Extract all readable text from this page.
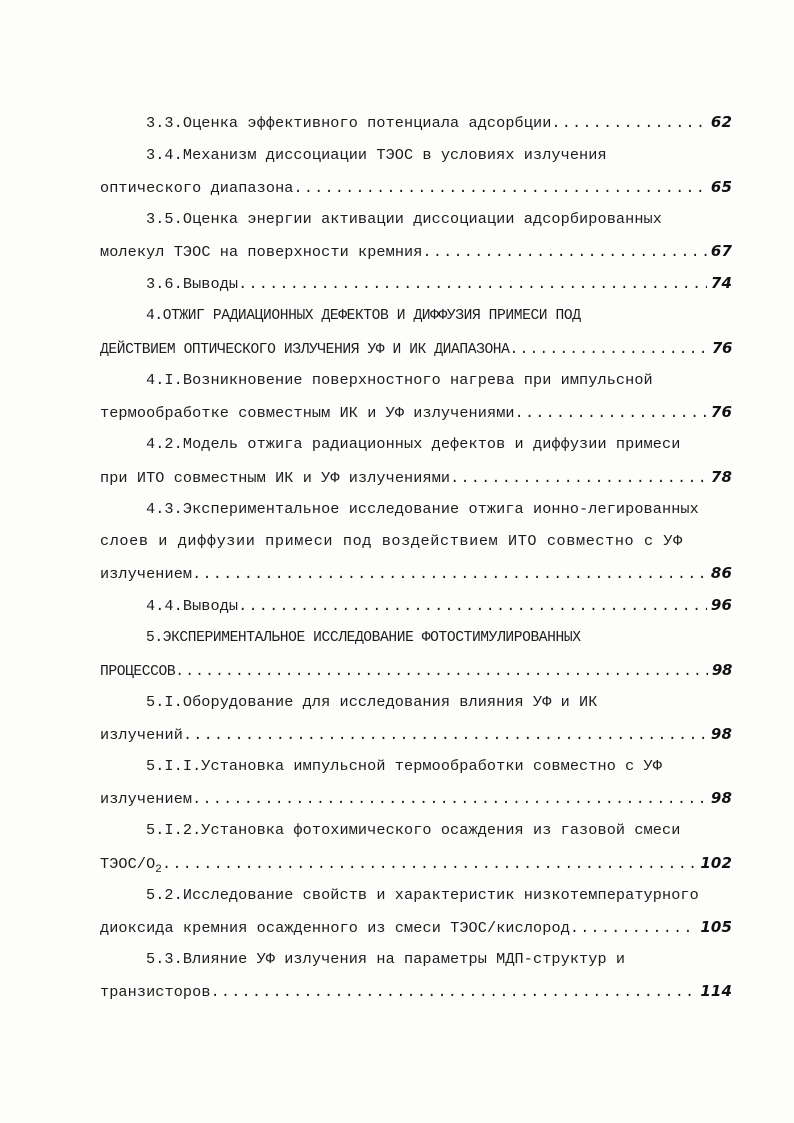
3.3.Оценка эффективного потенциала адсорбции .....	62
3.4.Механизм диссоциации ТЭОС в условиях излучения
оптического диапазона .....	65
3.5.Оценка энергии активации диссоциации адсорбированных
молекул ТЭОС на поверхности кремния .....	67
3.6.Выводы .....	74
4.ОТЖИГ РАДИАЦИОННЫХ ДЕФЕКТОВ И ДИФФУЗИЯ ПРИМЕСИ ПОД
ДЕЙСТВИЕМ ОПТИЧЕСКОГО ИЗЛУЧЕНИЯ УФ И ИК ДИАПАЗОНА .....	76
4.I.Возникновение поверхностного нагрева при импульсной
термообработке совместным ИК и УФ излучениями .....	76
4.2.Модель отжига радиационных дефектов и диффузии примеси
при ИТО совместным ИК и УФ излучениями .....	78
4.3.Экспериментальное исследование отжига ионно-легированных
слоев и диффузии примеси под воздействием ИТО совместно с УФ
излучением .....	86
4.4.Выводы .....	96
5.ЭКСПЕРИМЕНТАЛЬНОЕ ИССЛЕДОВАНИЕ ФОТОСТИМУЛИРОВАННЫХ
ПРОЦЕССОВ .....	98
5.I.Оборудование для исследования влияния УФ и ИК
излучений .....	98
5.I.I.Установка импульсной термообработки совместно с УФ
излучением .....	98
5.I.2.Установка фотохимического осаждения из газовой смеси
ТЭОС/$O_2$ .....	102
5.2.Исследование свойств и характеристик низкотемпературного
диоксида кремния осажденного из смеси ТЭОС/кислород .....	105
5.3.Влияние УФ излучения на параметры МДП-структур и
транзисторов .....	114
